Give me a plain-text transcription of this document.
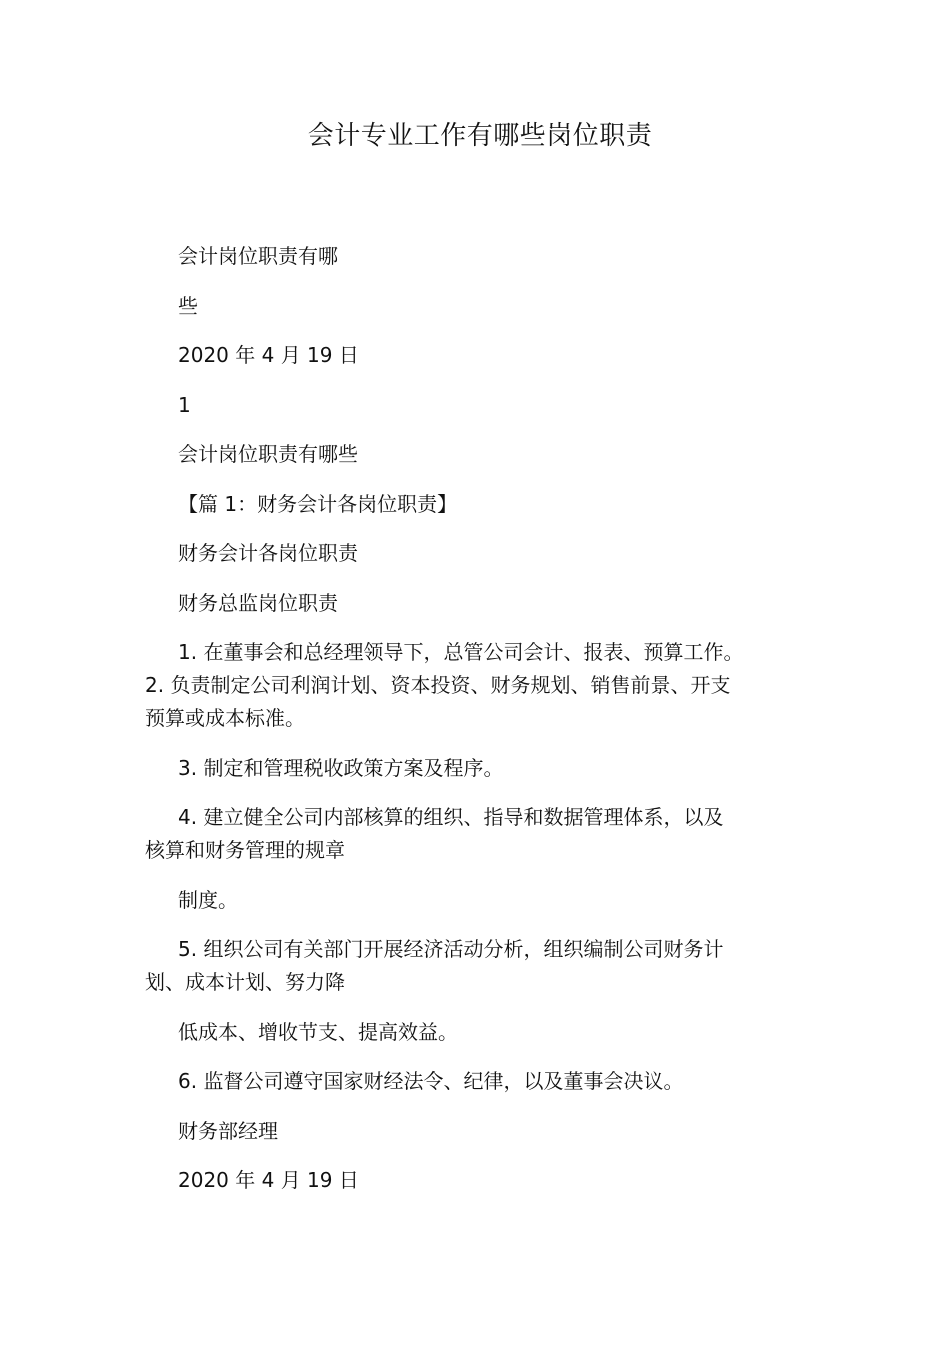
会计专业工作有哪些岗位职责
会计岗位职责有哪
些
2020 年 4 月 19 日
1
会计岗位职责有哪些
【篇 1：财务会计各岗位职责】
财务会计各岗位职责
财务总监岗位职责
1. 在董事会和总经理领导下，总管公司会计、报表、预算工作。
2. 负责制定公司利润计划、资本投资、财务规划、销售前景、开支
预算或成本标准。
3. 制定和管理税收政策方案及程序。
4. 建立健全公司内部核算的组织、指导和数据管理体系，以及
核算和财务管理的规章
制度。
5. 组织公司有关部门开展经济活动分析，组织编制公司财务计
划、成本计划、努力降
低成本、增收节支、提高效益。
6. 监督公司遵守国家财经法令、纪律，以及董事会决议。
财务部经理
2020 年 4 月 19 日
